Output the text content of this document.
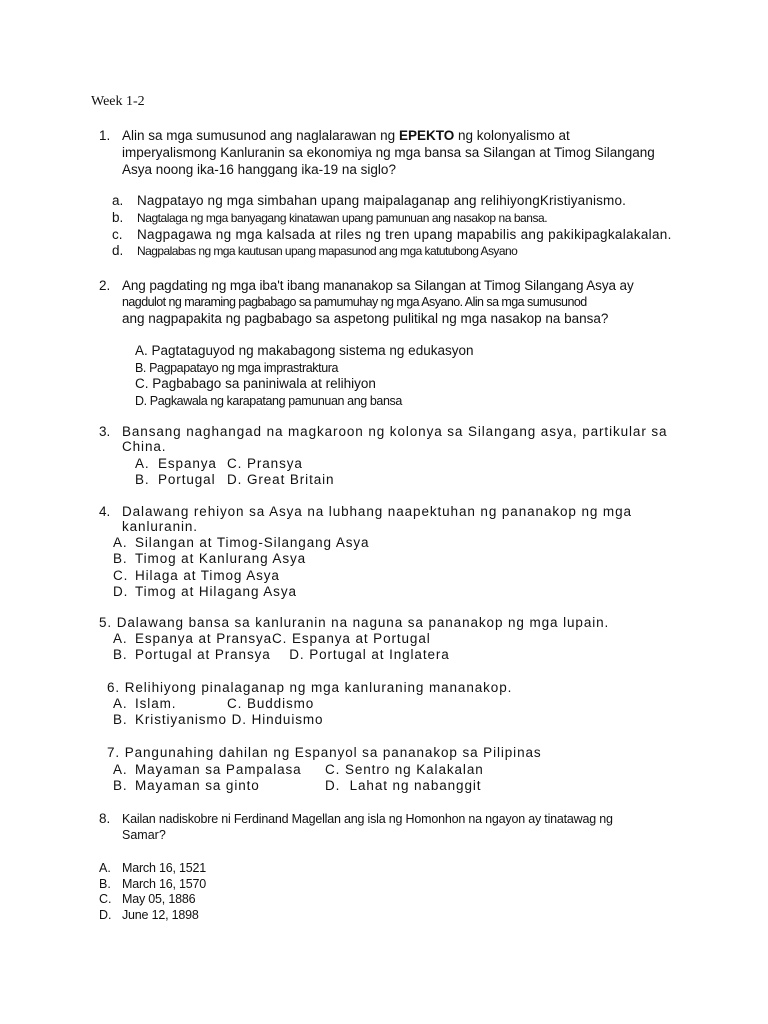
Week 1-2
1. Alin sa mga sumusunod ang naglalarawan ng EPEKTO ng kolonyalismo at
imperyalismong Kanluranin sa ekonomiya ng mga bansa sa Silangan at Timog Silangang
Asya noong ika-16 hanggang ika-19 na siglo?
a. Nagpatayo ng mga simbahan upang maipalaganap ang relihiyongKristiyanismo.
b. Nagtalaga ng mga banyagang kinatawan upang pamunuan ang nasakop na bansa.
c. Nagpagawa ng mga kalsada at riles ng tren upang mapabilis ang pakikipagkalakalan.
d. Nagpalabas ng mga kautusan upang mapasunod ang mga katutubong Asyano
2. Ang pagdating ng mga iba't ibang mananakop sa Silangan at Timog Silangang Asya ay
nagdulot ng maraming pagbabago sa pamumuhay ng mga Asyano. Alin sa mga sumusunod
ang nagpapakita ng pagbabago sa aspetong pulitikal ng mga nasakop na bansa?
A. Pagtataguyod ng makabagong sistema ng edukasyon
B. Pagpapatayo ng mga imprastraktura
C. Pagbabago sa paniniwala at relihiyon
D. Pagkawala ng karapatang pamunuan ang bansa
3. Bansang naghangad na magkaroon ng kolonya sa Silangang asya, partikular sa
China.
A. Espanya C. Pransya
B. Portugal D. Great Britain
4. Dalawang rehiyon sa Asya na lubhang naapektuhan ng pananakop ng mga
kanluranin.
A. Silangan at Timog-Silangang Asya
B. Timog at Kanlurang Asya
C. Hilaga at Timog Asya
D. Timog at Hilagang Asya
5. Dalawang bansa sa kanluranin na naguna sa pananakop ng mga lupain.
A. Espanya at PransyaC. Espanya at Portugal
B. Portugal at Pransya    D. Portugal at Inglatera
6. Relihiyong pinalaganap ng mga kanluraning mananakop.
A. Islam.	C. Buddismo
B. Kristiyanismo D. Hinduismo
7. Pangunahing dahilan ng Espanyol sa pananakop sa Pilipinas
A. Mayaman sa Pampalasa C. Sentro ng Kalakalan
B. Mayaman sa ginto	D.  Lahat ng nabanggit
8. Kailan nadiskobre ni Ferdinand Magellan ang isla ng Homonhon na ngayon ay tinatawag ng
Samar?
A. March 16, 1521
B. March 16, 1570
C. May 05, 1886
D. June 12, 1898
